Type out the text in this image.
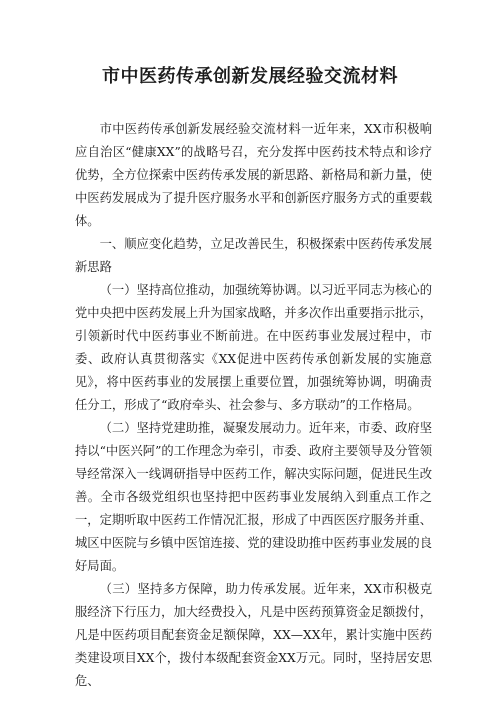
市中医药传承创新发展经验交流材料

市中医药传承创新发展经验交流材料一近年来，XX市积极响应自治区“健康XX”的战略号召，充分发挥中医药技术特点和诊疗优势，全方位探索中医药传承发展的新思路、新格局和新力量，使中医药发展成为了提升医疗服务水平和创新医疗服务方式的重要载体。

一、顺应变化趋势，立足改善民生，积极探索中医药传承发展新思路

（一）坚持高位推动，加强统筹协调。以习近平同志为核心的党中央把中医药发展上升为国家战略，并多次作出重要指示批示，引领新时代中医药事业不断前进。在中医药事业发展过程中，市委、政府认真贯彻落实《XX促进中医药传承创新发展的实施意见》，将中医药事业的发展摆上重要位置，加强统筹协调，明确责任分工，形成了“政府牵头、社会参与、多方联动”的工作格局。

（二）坚持党建助推，凝聚发展动力。近年来，市委、政府坚持以“中医兴阿”的工作理念为牵引，市委、政府主要领导及分管领导经常深入一线调研指导中医药工作，解决实际问题，促进民生改善。全市各级党组织也坚持把中医药事业发展纳入到重点工作之一，定期听取中医药工作情况汇报，形成了中西医医疗服务并重、城区中医院与乡镇中医馆连接、党的建设助推中医药事业发展的良好局面。

（三）坚持多方保障，助力传承发展。近年来，XX市积极克服经济下行压力，加大经费投入，凡是中医药预算资金足额拨付，凡是中医药项目配套资金足额保障，XX—XX年，累计实施中医药类建设项目XX个，拨付本级配套资金XX万元。同时，坚持居安思危、
